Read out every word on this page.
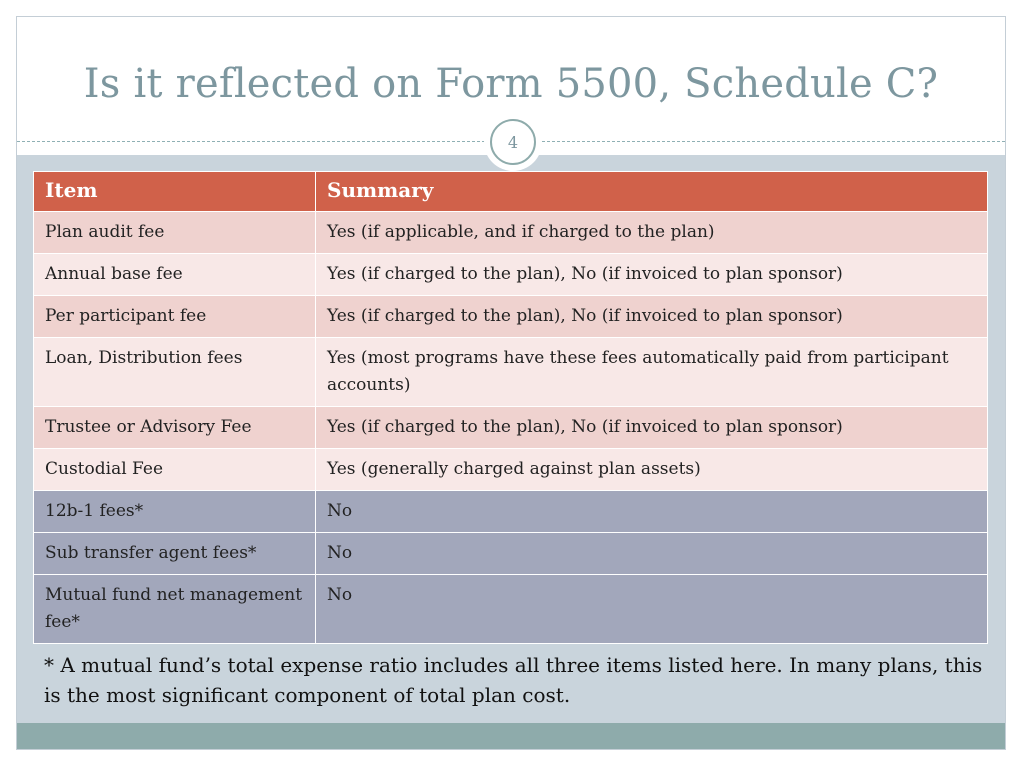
Is it reflected on Form 5500, Schedule C?
4
Item	Summary
Plan audit fee	Yes (if applicable, and if charged to the plan)
Annual base fee	Yes (if charged to the plan), No (if invoiced to plan sponsor)
Per participant fee	Yes (if charged to the plan), No (if invoiced to plan sponsor)
Loan, Distribution fees	Yes (most programs have these fees automatically paid from participant accounts)
Trustee or Advisory Fee	Yes (if charged to the plan), No (if invoiced to plan sponsor)
Custodial Fee	Yes (generally charged against plan assets)
12b-1 fees*	No
Sub transfer agent fees*	No
Mutual fund net management fee*	No
* A mutual fund’s total expense ratio includes all three items listed here. In many plans, this is the most significant component of total plan cost.
